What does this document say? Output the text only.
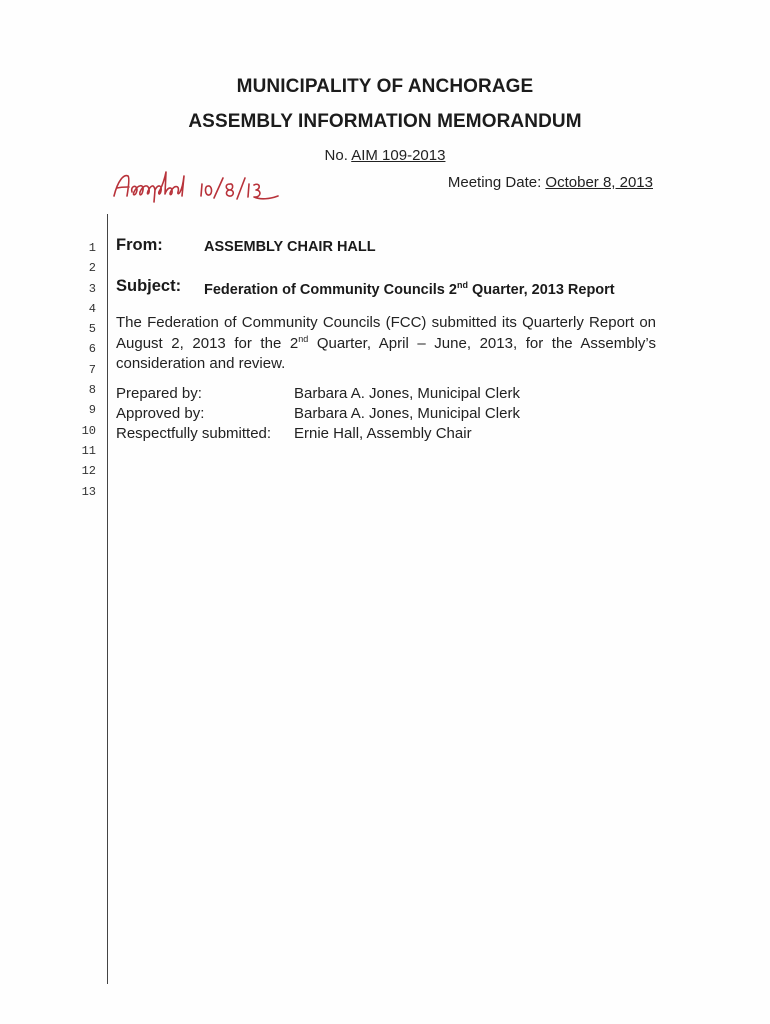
MUNICIPALITY OF ANCHORAGE
ASSEMBLY INFORMATION MEMORANDUM
No. AIM 109-2013
Meeting Date: October 8, 2013
1
2
3
4
5
6
7
8
9
10
11
12
13
From:	ASSEMBLY CHAIR HALL
Subject: Federation of Community Councils 2nd Quarter, 2013 Report
The Federation of Community Councils (FCC) submitted its Quarterly Report on August 2, 2013 for the 2nd Quarter, April – June, 2013, for the Assembly’s consideration and review.
Prepared by:	Barbara A. Jones, Municipal Clerk
Approved by:	Barbara A. Jones, Municipal Clerk
Respectfully submitted: Ernie Hall, Assembly Chair
